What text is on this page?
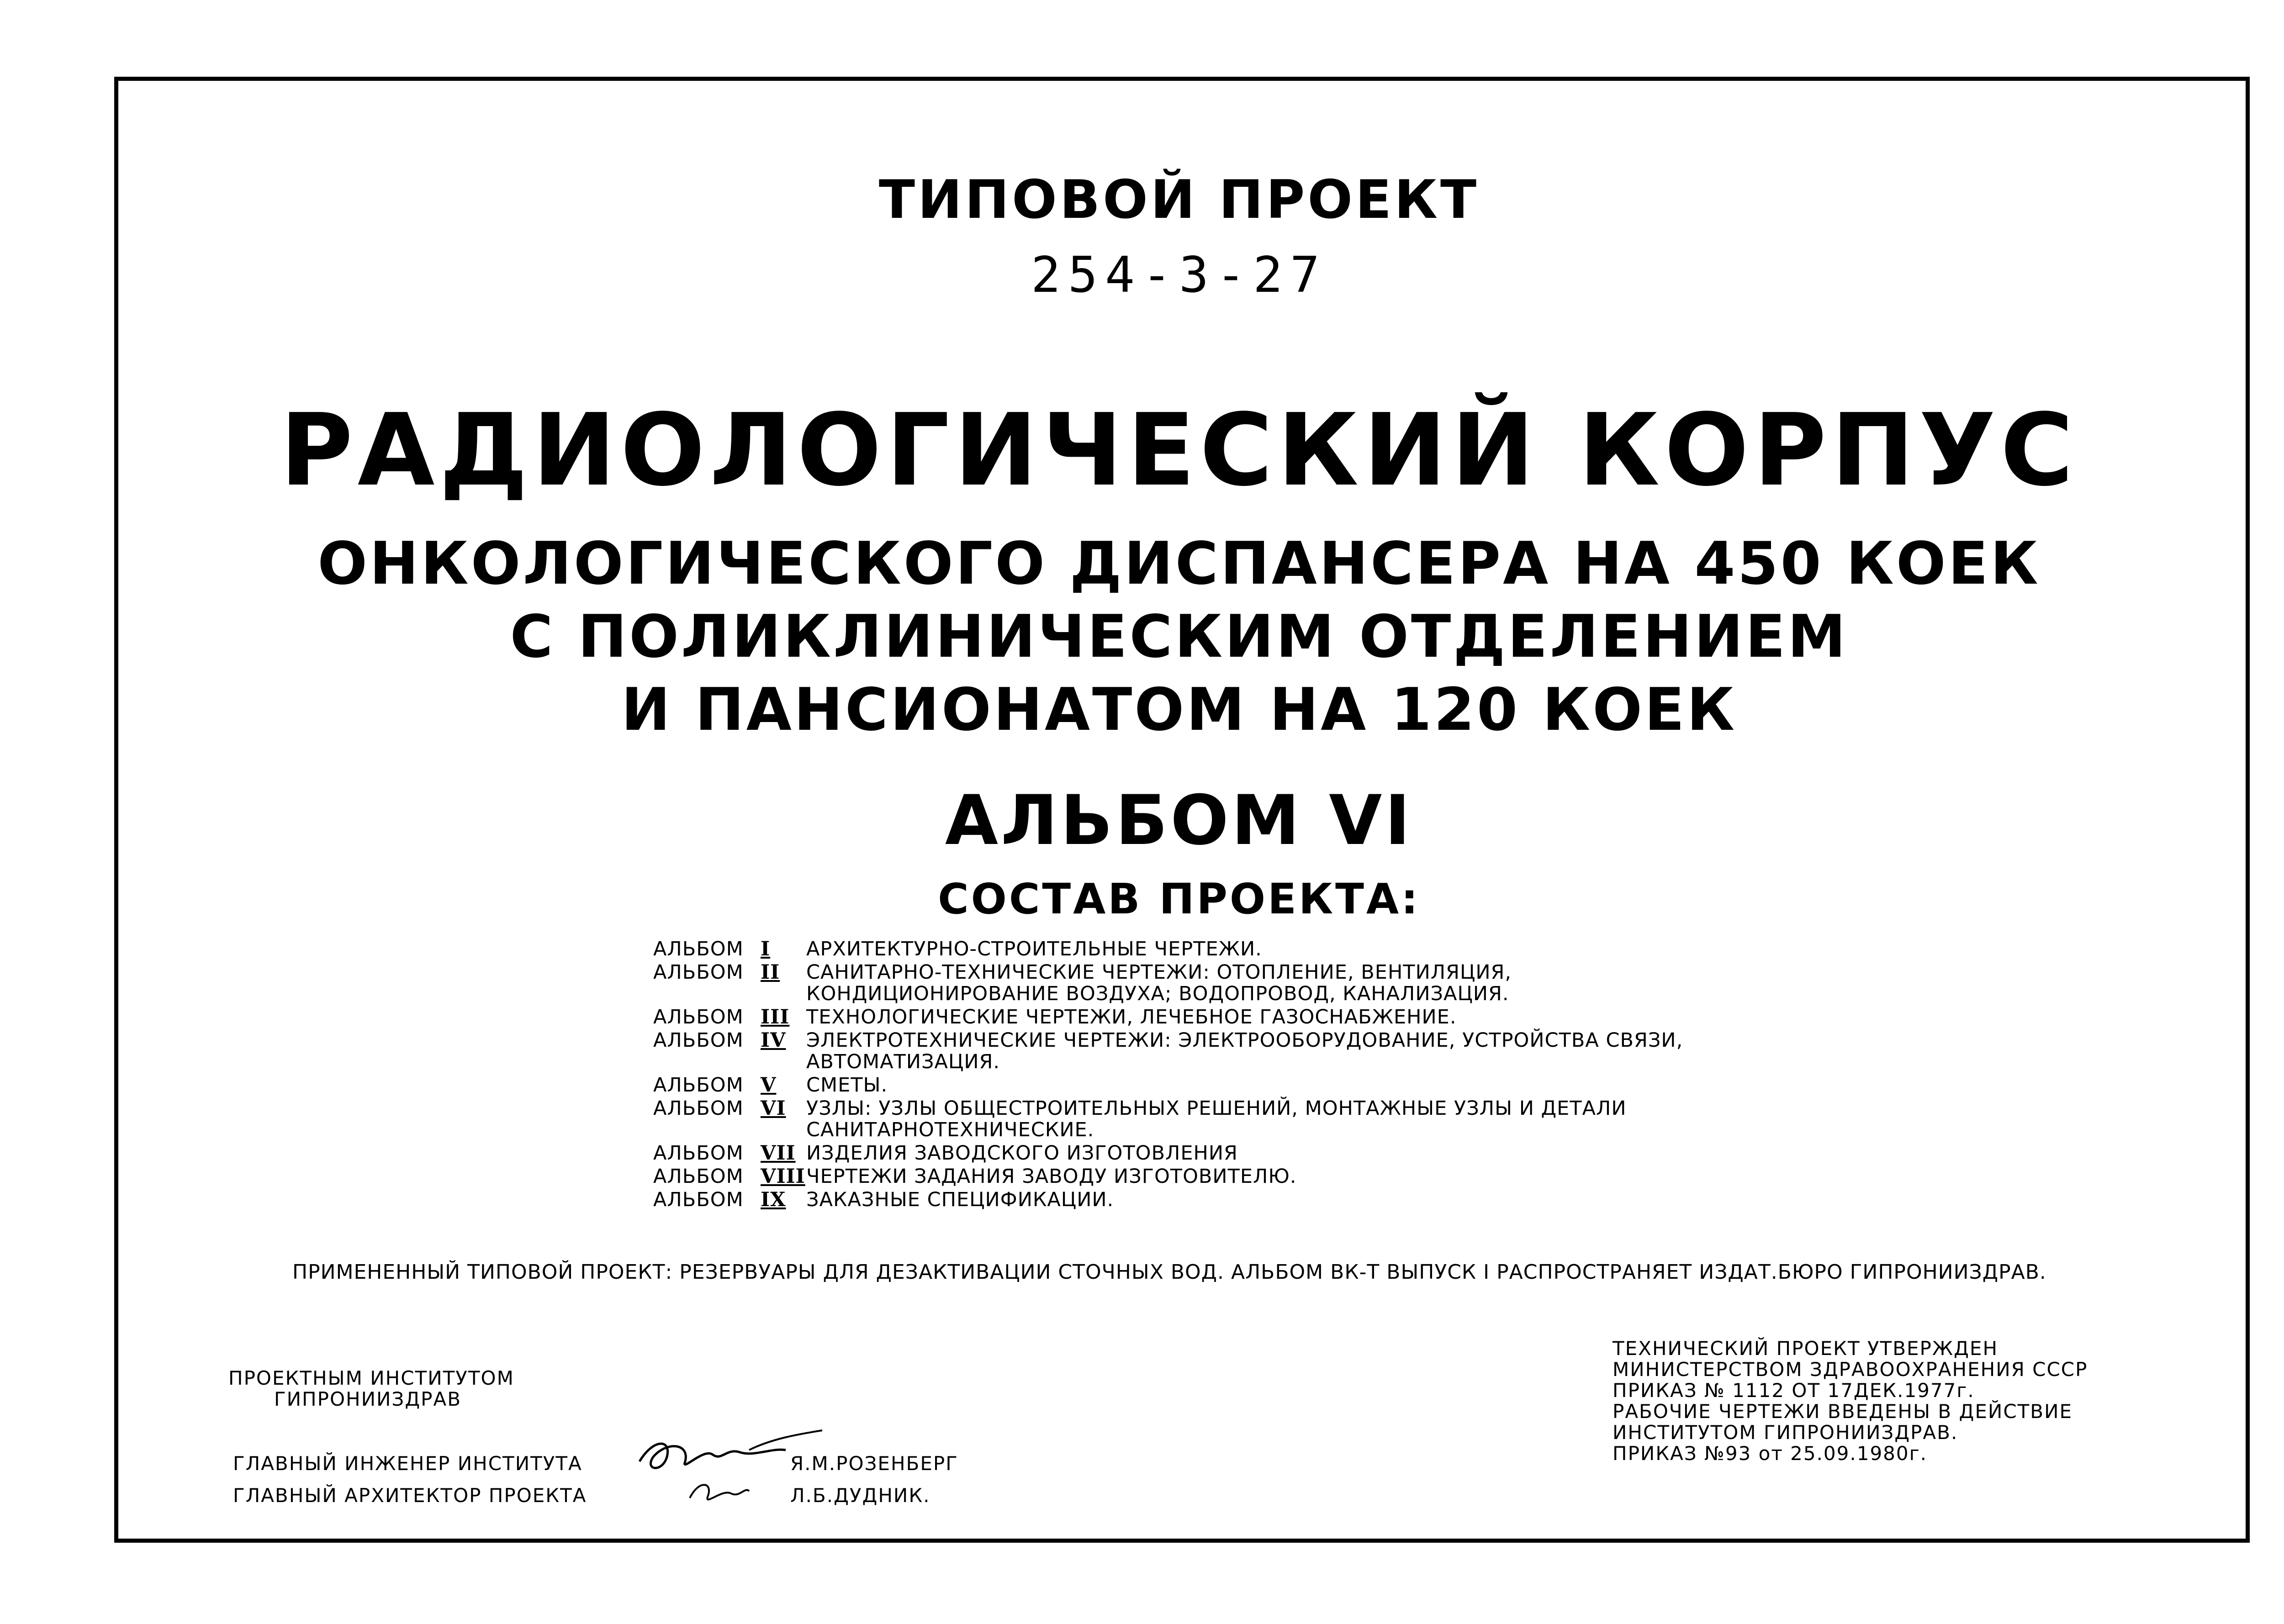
ТИПОВОЙ ПРОЕКТ
254-3-27
РАДИОЛОГИЧЕСКИЙ КОРПУС
ОНКОЛОГИЧЕСКОГО ДИСПАНСЕРА НА 450 КОЕК
С ПОЛИКЛИНИЧЕСКИМ ОТДЕЛЕНИЕМ
И ПАНСИОНАТОМ НА 120 КОЕК
АЛЬБОМ VI
СОСТАВ ПРОЕКТА:
АЛЬБОМ I	АРХИТЕКТУРНО-СТРОИТЕЛЬНЫЕ ЧЕРТЕЖИ.
АЛЬБОМ II	САНИТАРНО-ТЕХНИЧЕСКИЕ ЧЕРТЕЖИ: ОТОПЛЕНИЕ, ВЕНТИЛЯЦИЯ, КОНДИЦИОНИРОВАНИЕ ВОЗДУХА; ВОДОПРОВОД, КАНАЛИЗАЦИЯ.
АЛЬБОМ III ТЕХНОЛОГИЧЕСКИЕ ЧЕРТЕЖИ, ЛЕЧЕБНОЕ ГАЗОСНАБЖЕНИЕ.
АЛЬБОМ IV	ЭЛЕКТРОТЕХНИЧЕСКИЕ ЧЕРТЕЖИ: ЭЛЕКТРООБОРУДОВАНИЕ, УСТРОЙСТВА СВЯЗИ, АВТОМАТИЗАЦИЯ.
АЛЬБОМ V	СМЕТЫ.
АЛЬБОМ VI	УЗЛЫ: УЗЛЫ ОБЩЕСТРОИТЕЛЬНЫХ РЕШЕНИЙ, МОНТАЖНЫЕ УЗЛЫ И ДЕТАЛИ САНИТАРНОТЕХНИЧЕСКИЕ.
АЛЬБОМ VII ИЗДЕЛИЯ ЗАВОДСКОГО ИЗГОТОВЛЕНИЯ
АЛЬБОМ VIII ЧЕРТЕЖИ ЗАДАНИЯ ЗАВОДУ ИЗГОТОВИТЕЛЮ.
АЛЬБОМ IX	ЗАКАЗНЫЕ СПЕЦИФИКАЦИИ.
ПРИМЕНЕННЫЙ ТИПОВОЙ ПРОЕКТ: РЕЗЕРВУАРЫ ДЛЯ ДЕЗАКТИВАЦИИ СТОЧНЫХ ВОД. АЛЬБОМ ВК-Т ВЫПУСК I РАСПРОСТРАНЯЕТ ИЗДАТ.БЮРО ГИПРОНИИЗДРАВ.
ПРОЕКТНЫМ ИНСТИТУТОМ
ГИПРОНИИЗДРАВ
ГЛАВНЫЙ ИНЖЕНЕР ИНСТИТУТА	Я.М.РОЗЕНБЕРГ
ГЛАВНЫЙ АРХИТЕКТОР ПРОЕКТА	Л.Б.ДУДНИК.
ТЕХНИЧЕСКИЙ ПРОЕКТ УТВЕРЖДЕН
МИНИСТЕРСТВОМ ЗДРАВООХРАНЕНИЯ СССР
ПРИКАЗ № 1112 ОТ 17ДЕК.1977г.
РАБОЧИЕ ЧЕРТЕЖИ ВВЕДЕНЫ В ДЕЙСТВИЕ
ИНСТИТУТОМ ГИПРОНИИЗДРАВ.
ПРИКАЗ №93 от 25.09.1980г.
